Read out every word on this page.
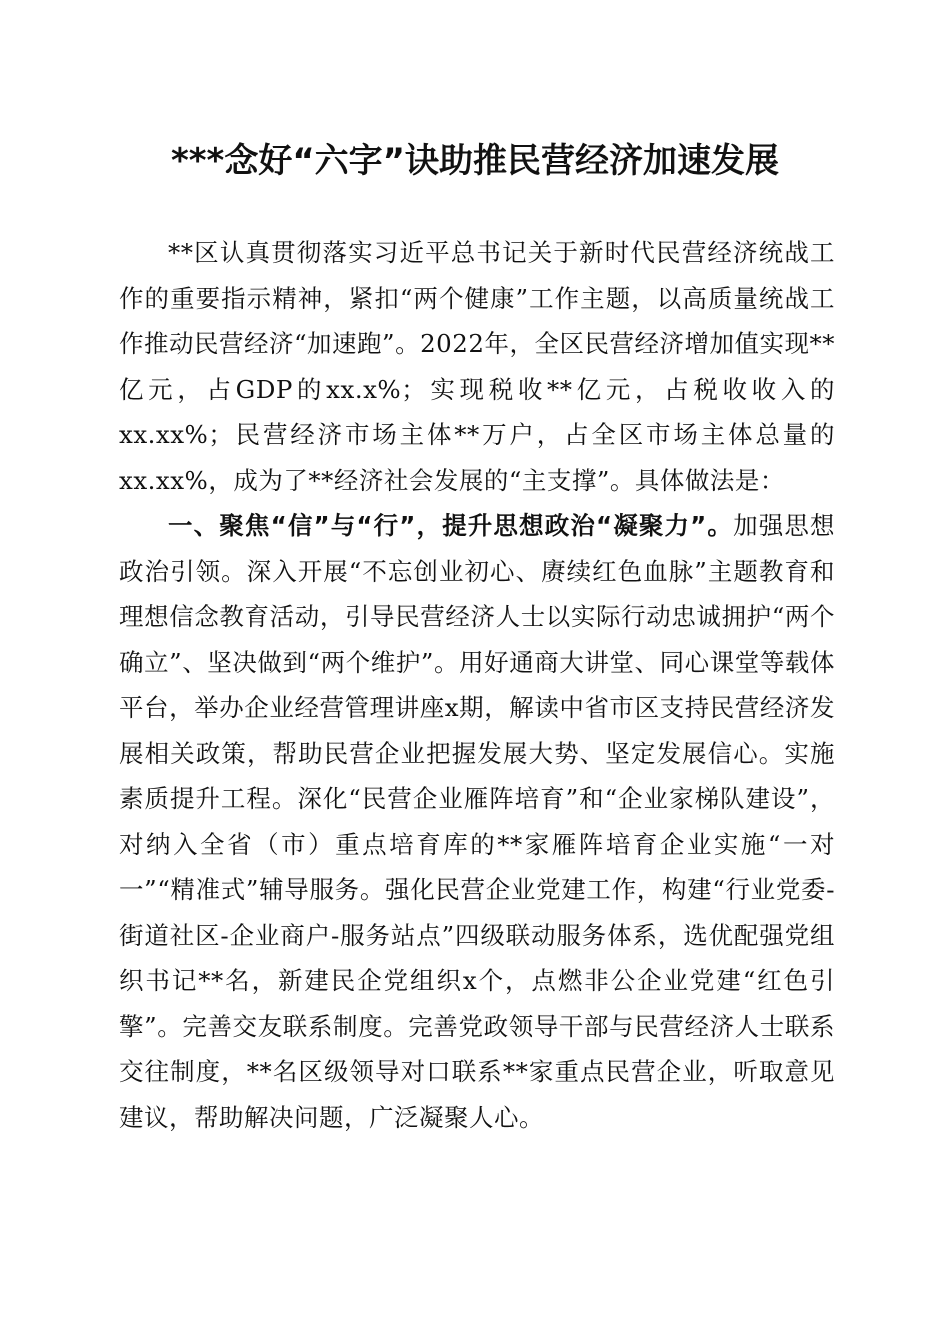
***念好“六字”诀助推民营经济加速发展

**区认真贯彻落实习近平总书记关于新时代民营经济统战工作的重要指示精神，紧扣“两个健康”工作主题，以高质量统战工作推动民营经济“加速跑”。2022年，全区民营经济增加值实现**亿元，占GDP的xx.x%；实现税收**亿元，占税收收入的xx.xx%；民营经济市场主体**万户，占全区市场主体总量的xx.xx%，成为了**经济社会发展的“主支撑”。具体做法是：

一、聚焦“信”与“行”，提升思想政治“凝聚力”。加强思想政治引领。深入开展“不忘创业初心、赓续红色血脉”主题教育和理想信念教育活动，引导民营经济人士以实际行动忠诚拥护“两个确立”、坚决做到“两个维护”。用好通商大讲堂、同心课堂等载体平台，举办企业经营管理讲座x期，解读中省市区支持民营经济发展相关政策，帮助民营企业把握发展大势、坚定发展信心。实施素质提升工程。深化“民营企业雁阵培育”和“企业家梯队建设”，对纳入全省（市）重点培育库的**家雁阵培育企业实施“一对一”“精准式”辅导服务。强化民营企业党建工作，构建“行业党委-街道社区-企业商户-服务站点”四级联动服务体系，选优配强党组织书记**名，新建民企党组织x个，点燃非公企业党建“红色引擎”。完善交友联系制度。完善党政领导干部与民营经济人士联系交往制度，**名区级领导对口联系**家重点民营企业，听取意见建议，帮助解决问题，广泛凝聚人心。
